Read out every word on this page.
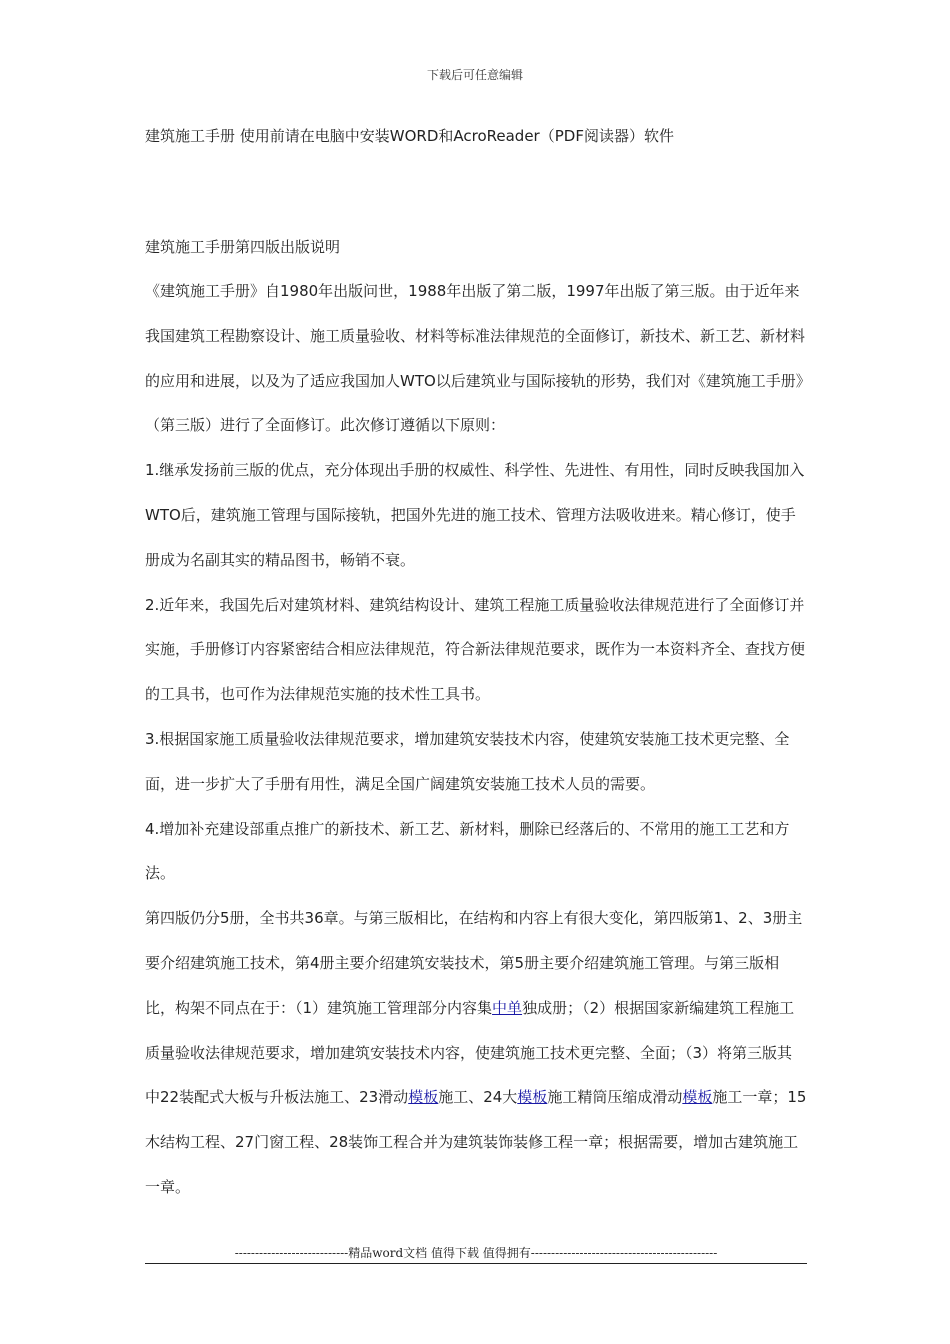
下载后可任意编辑
建筑施工手册 使用前请在电脑中安装WORD和AcroReader（PDF阅读器）软件
建筑施工手册第四版出版说明

《建筑施工手册》自1980年出版问世，1988年出版了第二版，1997年出版了第三版。由于近年来我国建筑工程勘察设计、施工质量验收、材料等标准法律规范的全面修订，新技术、新工艺、新材料的应用和进展，以及为了适应我国加人WTO以后建筑业与国际接轨的形势，我们对《建筑施工手册》（第三版）进行了全面修订。此次修订遵循以下原则：

1.继承发扬前三版的优点，充分体现出手册的权威性、科学性、先进性、有用性，同时反映我国加入WTO后，建筑施工管理与国际接轨，把国外先进的施工技术、管理方法吸收进来。精心修订，使手册成为名副其实的精品图书，畅销不衰。

2.近年来，我国先后对建筑材料、建筑结构设计、建筑工程施工质量验收法律规范进行了全面修订并实施，手册修订内容紧密结合相应法律规范，符合新法律规范要求，既作为一本资料齐全、查找方便的工具书，也可作为法律规范实施的技术性工具书。

3.根据国家施工质量验收法律规范要求，增加建筑安装技术内容，使建筑安装施工技术更完整、全面，进一步扩大了手册有用性，满足全国广阔建筑安装施工技术人员的需要。

4.增加补充建设部重点推广的新技术、新工艺、新材料，删除已经落后的、不常用的施工工艺和方法。

第四版仍分5册，全书共36章。与第三版相比，在结构和内容上有很大变化，第四版第1、2、3册主要介绍建筑施工技术，第4册主要介绍建筑安装技术，第5册主要介绍建筑施工管理。与第三版相比，构架不同点在于：（1）建筑施工管理部分内容集中单独成册；（2）根据国家新编建筑工程施工质量验收法律规范要求，增加建筑安装技术内容，使建筑施工技术更完整、全面；（3）将第三版其中22装配式大板与升板法施工、23滑动模板施工、24大模板施工精筒压缩成滑动模板施工一章；15木结构工程、27门窗工程、28装饰工程合并为建筑装饰装修工程一章；根据需要，增加古建筑施工一章。

----------------------------精品word文档 值得下载 值得拥有----------------------------------------------
